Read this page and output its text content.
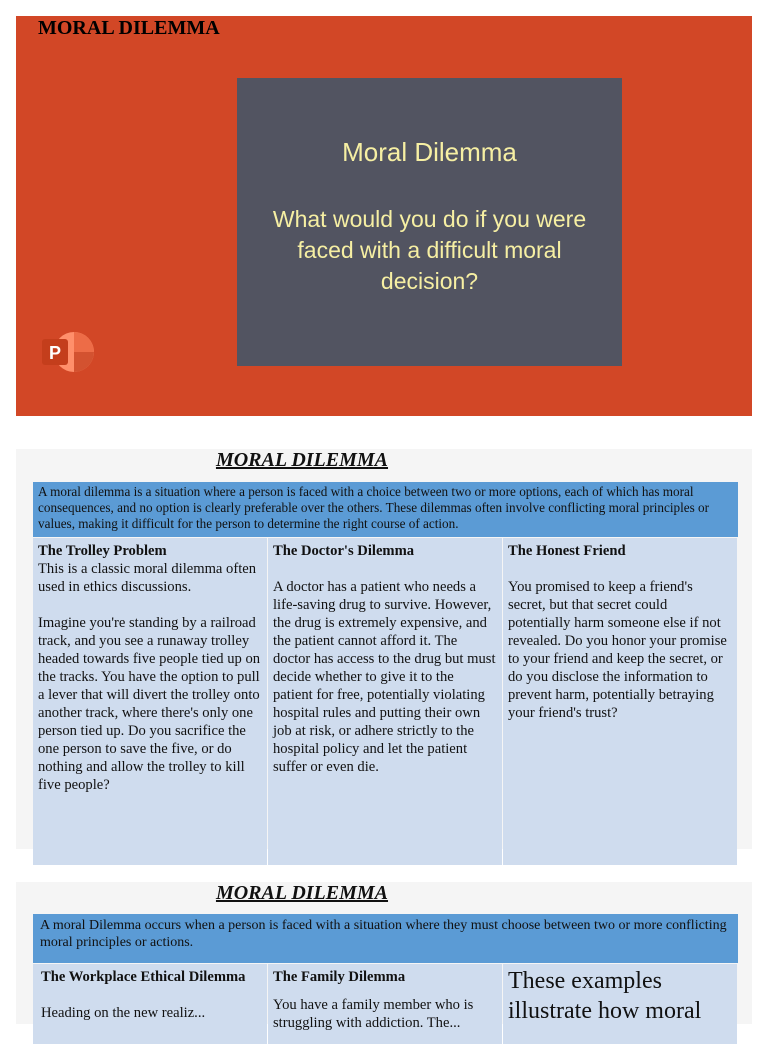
MORAL DILEMMA
Moral Dilemma
What would you do if you were faced with a difficult moral decision?
P
MORAL DILEMMA
A moral dilemma is a situation where a person is faced with a choice between two or more options, each of which has moral consequences, and no option is clearly preferable over the others. These dilemmas often involve conflicting moral principles or values, making it difficult for the person to determine the right course of action.
The Trolley Problem
This is a classic moral dilemma often used in ethics discussions.

Imagine you're standing by a railroad track, and you see a runaway trolley headed towards five people tied up on the tracks. You have the option to pull a lever that will divert the trolley onto another track, where there's only one person tied up. Do you sacrifice the one person to save the five, or do nothing and allow the trolley to kill five people?
The Doctor's Dilemma

A doctor has a patient who needs a life-saving drug to survive. However, the drug is extremely expensive, and the patient cannot afford it. The doctor has access to the drug but must decide whether to give it to the patient for free, potentially violating hospital rules and putting their own job at risk, or adhere strictly to the hospital policy and let the patient suffer or even die.
The Honest Friend

You promised to keep a friend's secret, but that secret could potentially harm someone else if not revealed. Do you honor your promise to your friend and keep the secret, or do you disclose the information to prevent harm, potentially betraying your friend's trust?
MORAL DILEMMA
A moral Dilemma occurs when a person is faced with a situation where they must choose between two or more conflicting moral principles or actions.
The Workplace Ethical Dilemma
Heading on the new realiz...
The Family Dilemma
You have a family member who is struggling with addiction. The...
These examples illustrate how moral
